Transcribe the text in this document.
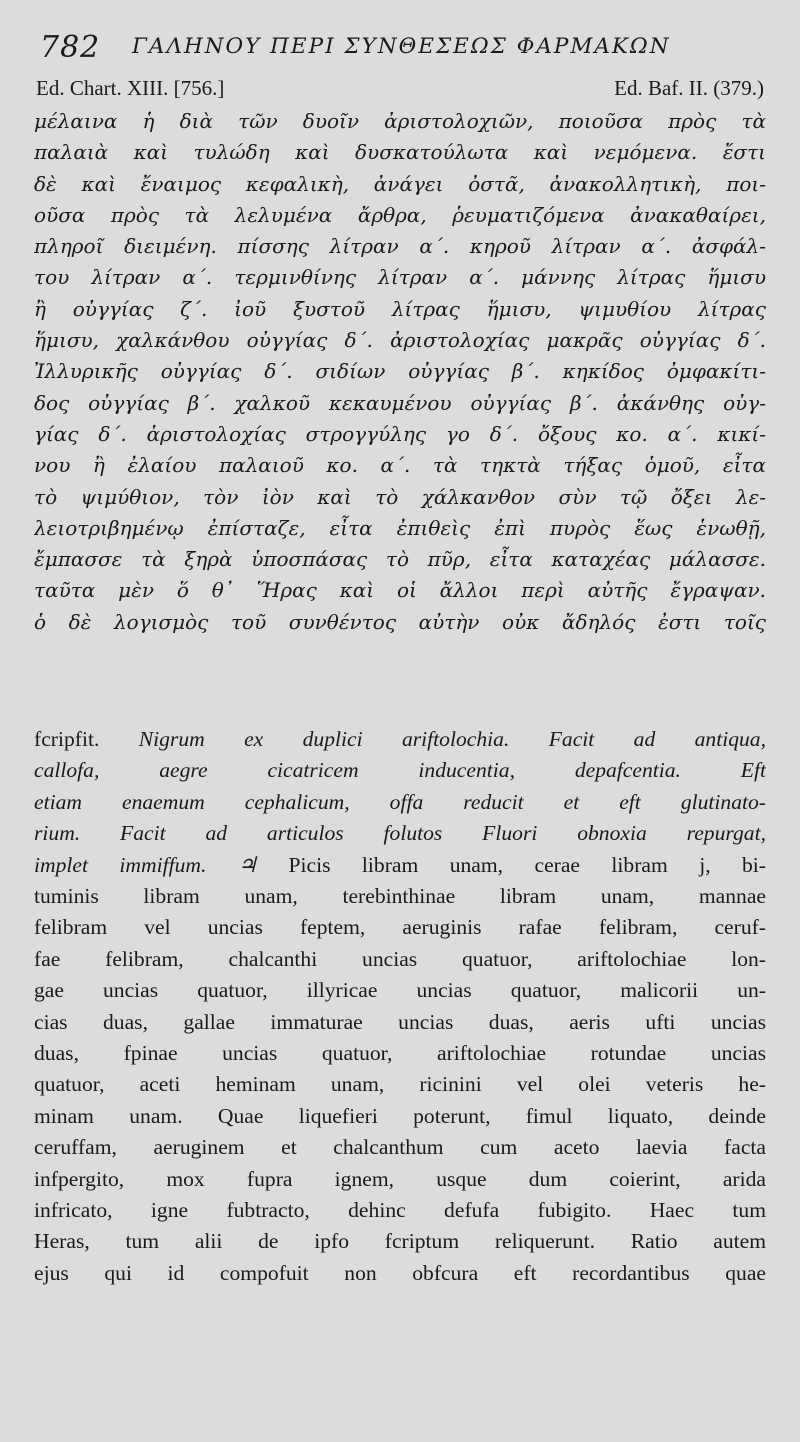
782 ΓΑΛΗΝΟΥ ΠΕΡΙ ΣΥΝΘΕΣΕΩΣ ΦΑΡΜΑΚΩΝ
Ed. Chart. XIII. [756.]	Ed. Baf. II. (379.)
μέλαινα ἡ διὰ τῶν δυοῖν ἀριστολοχιῶν, ποιοῦσα πρὸς τὰ
παλαιὰ καὶ τυλώδη καὶ δυσκατούλωτα καὶ νεμόμενα. ἔστι
δὲ καὶ ἔναιμος κεφαλικὴ, ἀνάγει ὀστᾶ, ἀνακολλητικὴ, ποι-
οῦσα πρὸς τὰ λελυμένα ἄρθρα, ῥευματιζόμενα ἀνακαθαίρει,
πληροῖ διειμένη. πίσσης λίτραν α΄. κηροῦ λίτραν α΄. ἀσφάλ-
του λίτραν α΄. τερμινθίνης λίτραν α΄. μάννης λίτρας ἥμισυ
ἢ οὐγγίας ζ΄. ἰοῦ ξυστοῦ λίτρας ἥμισυ, ψιμυθίου λίτρας
ἥμισυ, χαλκάνθου οὐγγίας δ΄. ἀριστολοχίας μακρᾶς οὐγγίας δ΄.
Ἰλλυρικῆς οὐγγίας δ΄. σιδίων οὐγγίας β΄. κηκίδος ὀμφακίτι-
δος οὐγγίας β΄. χαλκοῦ κεκαυμένου οὐγγίας β΄. ἀκάνθης οὐγ-
γίας δ΄. ἀριστολοχίας στρογγύλης γο δ΄. ὄξους κο. α΄. κικί-
νου ἢ ἐλαίου παλαιοῦ κο. α΄. τὰ τηκτὰ τήξας ὁμοῦ, εἶτα
τὸ ψιμύθιον, τὸν ἰὸν καὶ τὸ χάλκανθον σὺν τῷ ὄξει λε-
λειοτριβημένῳ ἐπίσταζε, εἶτα ἐπιθεὶς ἐπὶ πυρὸς ἕως ἑνωθῇ,
ἔμπασσε τὰ ξηρὰ ὑποσπάσας τὸ πῦρ, εἶτα καταχέας μάλασσε.
ταῦτα μὲν ὅ θ᾽ Ἥρας καὶ οἱ ἄλλοι περὶ αὐτῆς ἔγραψαν.
ὁ δὲ λογισμὸς τοῦ συνθέντος αὐτὴν οὐκ ἄδηλός ἐστι τοῖς
fcripfit. Nigrum ex duplici ariftolochia. Facit ad antiqua,
callofa, aegre cicatricem inducentia, depafcentia. Eft
etiam enaemum cephalicum, offa reducit et eft glutinato-
rium. Facit ad articulos folutos Fluori obnoxia repurgat,
implet immiffum. ♃ Picis libram unam, cerae libram j, bi-
tuminis libram unam, terebinthinae libram unam, mannae
felibram vel uncias feptem, aeruginis rafae felibram, ceruf-
fae felibram, chalcanthi uncias quatuor, ariftolochiae lon-
gae uncias quatuor, illyricae uncias quatuor, malicorii un-
cias duas, gallae immaturae uncias duas, aeris ufti uncias
duas, fpinae uncias quatuor, ariftolochiae rotundae uncias
quatuor, aceti heminam unam, ricinini vel olei veteris he-
minam unam. Quae liquefieri poterunt, fimul liquato, deinde
ceruffam, aeruginem et chalcanthum cum aceto laevia facta
infpergito, mox fupra ignem, usque dum coierint, arida
infricato, igne fubtracto, dehinc defufa fubigito. Haec tum
Heras, tum alii de ipfo fcriptum reliquerunt. Ratio autem
ejus qui id compofuit non obfcura eft recordantibus quae
